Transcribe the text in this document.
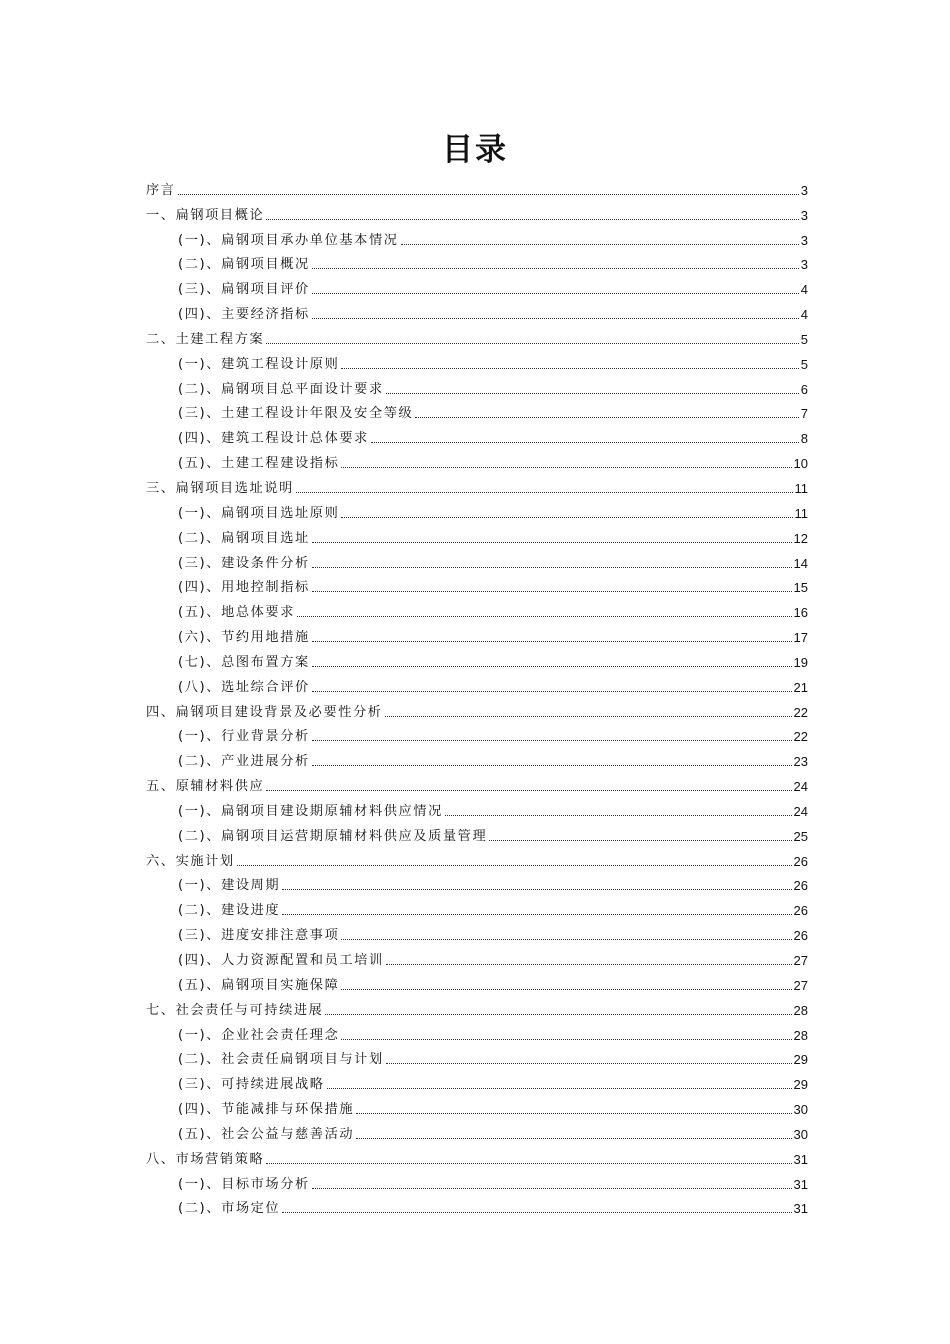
目录
序言	3
一、扁钢项目概论	3
(一)、扁钢项目承办单位基本情况	3
(二)、扁钢项目概况	3
(三)、扁钢项目评价	4
(四)、主要经济指标	4
二、土建工程方案	5
(一)、建筑工程设计原则	5
(二)、扁钢项目总平面设计要求	6
(三)、土建工程设计年限及安全等级	7
(四)、建筑工程设计总体要求	8
(五)、土建工程建设指标	10
三、扁钢项目选址说明	11
(一)、扁钢项目选址原则	11
(二)、扁钢项目选址	12
(三)、建设条件分析	14
(四)、用地控制指标	15
(五)、地总体要求	16
(六)、节约用地措施	17
(七)、总图布置方案	19
(八)、选址综合评价	21
四、扁钢项目建设背景及必要性分析	22
(一)、行业背景分析	22
(二)、产业进展分析	23
五、原辅材料供应	24
(一)、扁钢项目建设期原辅材料供应情况	24
(二)、扁钢项目运营期原辅材料供应及质量管理	25
六、实施计划	26
(一)、建设周期	26
(二)、建设进度	26
(三)、进度安排注意事项	26
(四)、人力资源配置和员工培训	27
(五)、扁钢项目实施保障	27
七、社会责任与可持续进展	28
(一)、企业社会责任理念	28
(二)、社会责任扁钢项目与计划	29
(三)、可持续进展战略	29
(四)、节能减排与环保措施	30
(五)、社会公益与慈善活动	30
八、市场营销策略	31
(一)、目标市场分析	31
(二)、市场定位	31
